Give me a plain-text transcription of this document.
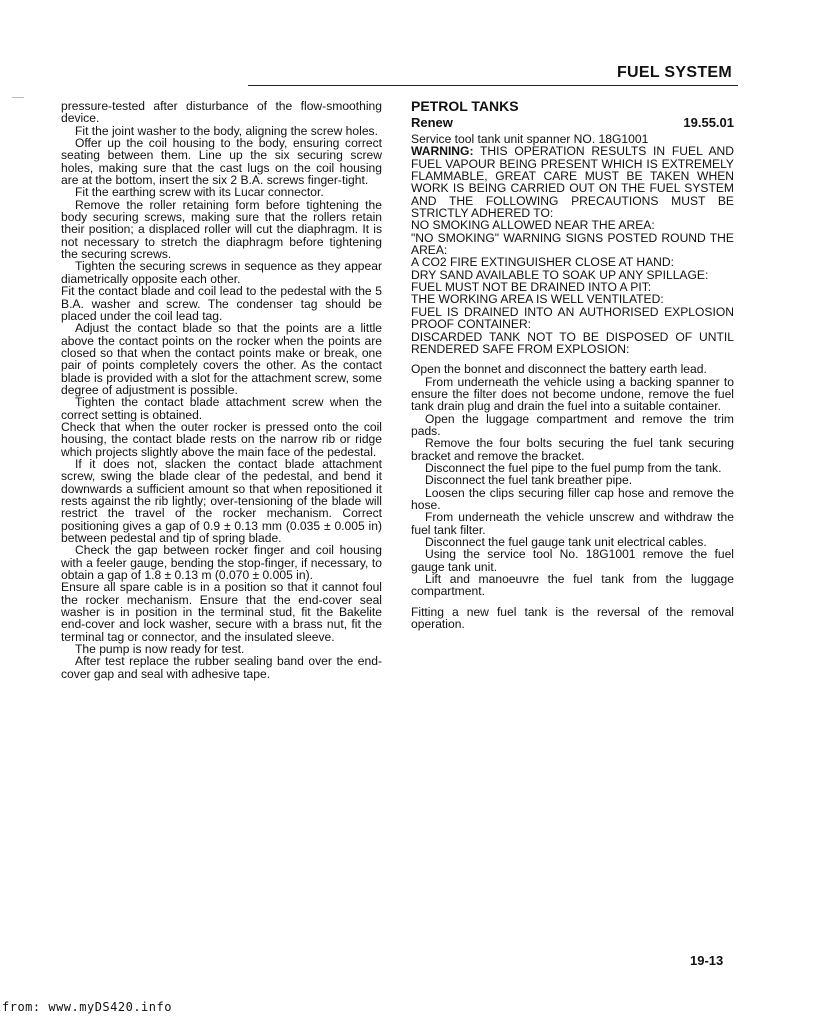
FUEL SYSTEM

pressure-tested after disturbance of the flow-smoothing device.

Fit the joint washer to the body, aligning the screw holes.

Offer up the coil housing to the body, ensuring correct seating between them. Line up the six securing screw holes, making sure that the cast lugs on the coil housing are at the bottom, insert the six 2 B.A. screws finger-tight.

Fit the earthing screw with its Lucar connector.

Remove the roller retaining form before tightening the body securing screws, making sure that the rollers retain their position; a displaced roller will cut the diaphragm. It is not necessary to stretch the diaphragm before tightening the securing screws.

Tighten the securing screws in sequence as they appear diametrically opposite each other.

Fit the contact blade and coil lead to the pedestal with the 5 B.A. washer and screw. The condenser tag should be placed under the coil lead tag.

Adjust the contact blade so that the points are a little above the contact points on the rocker when the points are closed so that when the contact points make or break, one pair of points completely covers the other. As the contact blade is provided with a slot for the attachment screw, some degree of adjustment is possible.

Tighten the contact blade attachment screw when the correct setting is obtained.

Check that when the outer rocker is pressed onto the coil housing, the contact blade rests on the narrow rib or ridge which projects slightly above the main face of the pedestal.

If it does not, slacken the contact blade attachment screw, swing the blade clear of the pedestal, and bend it downwards a sufficient amount so that when repositioned it rests against the rib lightly; over-tensioning of the blade will restrict the travel of the rocker mechanism. Correct positioning gives a gap of 0.9 ± 0.13 mm (0.035 ± 0.005 in) between pedestal and tip of spring blade.

Check the gap between rocker finger and coil housing with a feeler gauge, bending the stop-finger, if necessary, to obtain a gap of 1.8 ± 0.13 m (0.070 ± 0.005 in).

Ensure all spare cable is in a position so that it cannot foul the rocker mechanism. Ensure that the end-cover seal washer is in position in the terminal stud, fit the Bakelite end-cover and lock washer, secure with a brass nut, fit the terminal tag or connector, and the insulated sleeve.

The pump is now ready for test.

After test replace the rubber sealing band over the end-cover gap and seal with adhesive tape.

PETROL TANKS
Renew	19.55.01

Service tool tank unit spanner NO. 18G1001

WARNING: THIS OPERATION RESULTS IN FUEL AND FUEL VAPOUR BEING PRESENT WHICH IS EXTREMELY FLAMMABLE, GREAT CARE MUST BE TAKEN WHEN WORK IS BEING CARRIED OUT ON THE FUEL SYSTEM AND THE FOLLOWING PRECAUTIONS MUST BE STRICTLY ADHERED TO:

NO SMOKING ALLOWED NEAR THE AREA:

"NO SMOKING" WARNING SIGNS POSTED ROUND THE AREA:

A CO2 FIRE EXTINGUISHER CLOSE AT HAND:

DRY SAND AVAILABLE TO SOAK UP ANY SPILLAGE:

FUEL MUST NOT BE DRAINED INTO A PIT:

THE WORKING AREA IS WELL VENTILATED:

FUEL IS DRAINED INTO AN AUTHORISED EXPLOSION PROOF CONTAINER:

DISCARDED TANK NOT TO BE DISPOSED OF UNTIL RENDERED SAFE FROM EXPLOSION:

Open the bonnet and disconnect the battery earth lead.

From underneath the vehicle using a backing spanner to ensure the filter does not become undone, remove the fuel tank drain plug and drain the fuel into a suitable container.

Open the luggage compartment and remove the trim pads.

Remove the four bolts securing the fuel tank securing bracket and remove the bracket.

Disconnect the fuel pipe to the fuel pump from the tank.

Disconnect the fuel tank breather pipe.

Loosen the clips securing filler cap hose and remove the hose.

From underneath the vehicle unscrew and withdraw the fuel tank filter.

Disconnect the fuel gauge tank unit electrical cables.

Using the service tool No. 18G1001 remove the fuel gauge tank unit.

Lift and manoeuvre the fuel tank from the luggage compartment.

Fitting a new fuel tank is the reversal of the removal operation.

19-13
from: www.myDS420.info
